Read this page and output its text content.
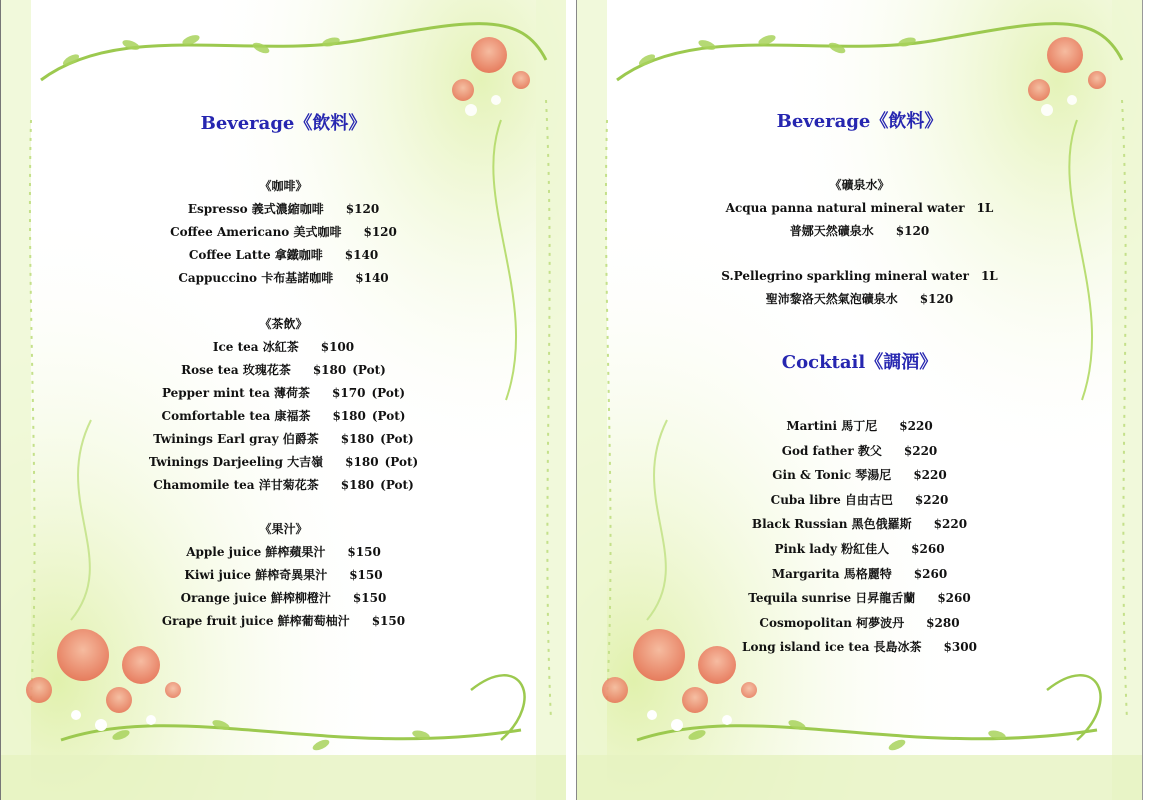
Beverage《飲料》
《咖啡》
Espresso 義式濃縮咖啡 $120
Coffee Americano 美式咖啡 $120
Coffee Latte 拿鐵咖啡 $140
Cappuccino 卡布基諾咖啡 $140
《茶飲》
Ice tea 冰紅茶 $100
Rose tea 玫瑰花茶 $180 (Pot)
Pepper mint tea 薄荷茶 $170 (Pot)
Comfortable tea 康福茶 $180 (Pot)
Twinings Earl gray 伯爵茶 $180 (Pot)
Twinings Darjeeling 大吉嶺 $180 (Pot)
Chamomile tea 洋甘菊花茶 $180 (Pot)
《果汁》
Apple juice 鮮榨蘋果汁 $150
Kiwi juice 鮮榨奇異果汁 $150
Orange juice 鮮榨柳橙汁 $150
Grape fruit juice 鮮榨葡萄柚汁 $150
Beverage《飲料》
《礦泉水》
Acqua panna natural mineral water 1L
普娜天然礦泉水 $120
S.Pellegrino sparkling mineral water 1L
聖沛黎洛天然氣泡礦泉水 $120
Cocktail《調酒》
Martini 馬丁尼 $220
God father 教父 $220
Gin & Tonic 琴湯尼 $220
Cuba libre 自由古巴 $220
Black Russian 黑色俄羅斯 $220
Pink lady 粉紅佳人 $260
Margarita 馬格麗特 $260
Tequila sunrise 日昇龍舌蘭 $260
Cosmopolitan 柯夢波丹 $280
Long island ice tea 長島冰茶 $300
